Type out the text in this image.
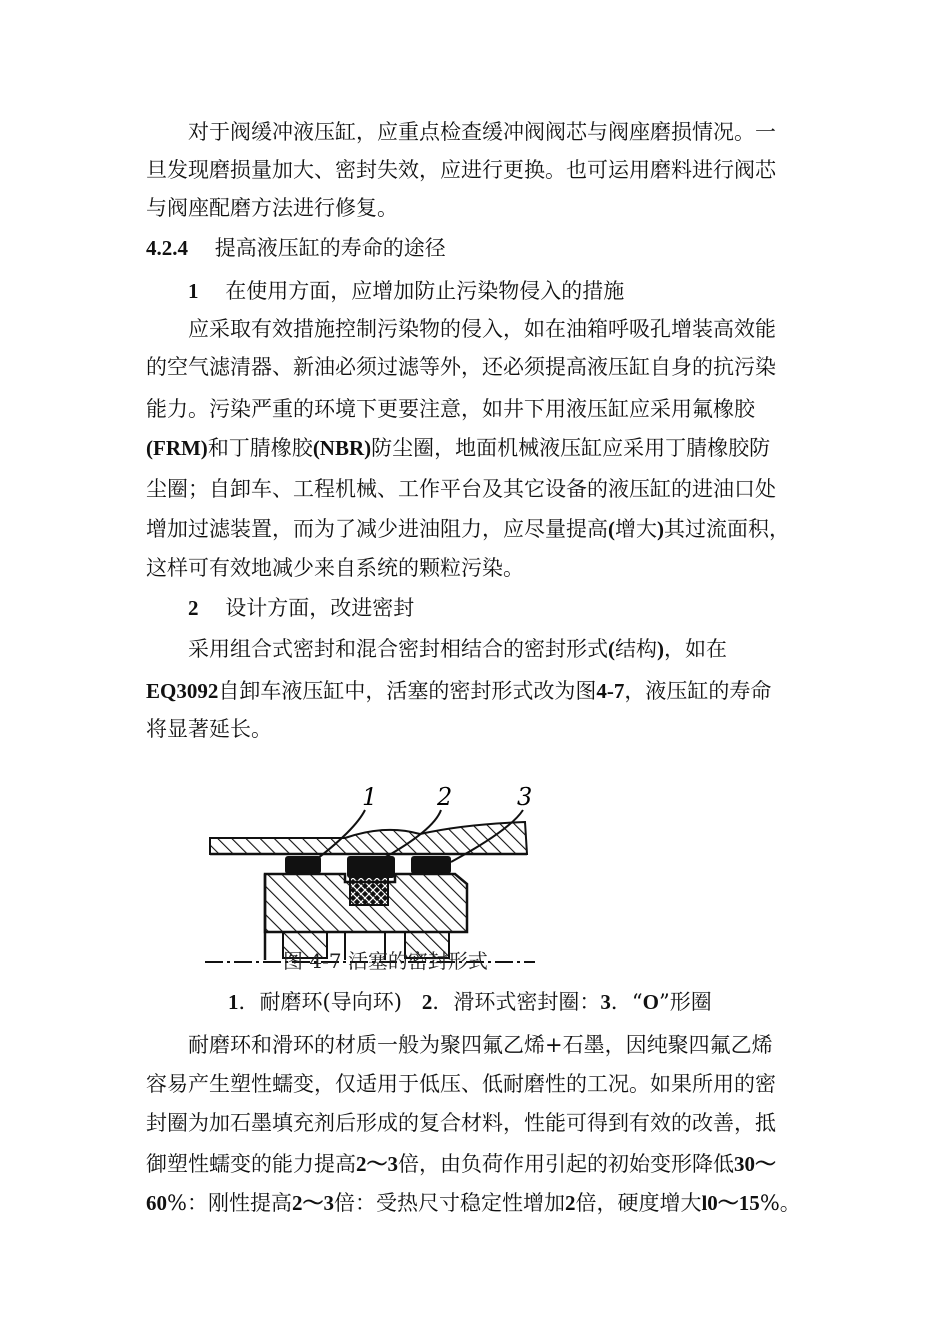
对于阀缓冲液压缸，应重点检查缓冲阀阀芯与阀座磨损情况。一
旦发现磨损量加大、密封失效，应进行更换。也可运用磨料进行阀芯
与阀座配磨方法进行修复。
4.2.4 提高液压缸的寿命的途径
1 在使用方面，应增加防止污染物侵入的措施
应采取有效措施控制污染物的侵入，如在油箱呼吸孔增装高效能
的空气滤清器、新油必须过滤等外，还必须提高液压缸自身的抗污染
能力。污染严重的环境下更要注意，如井下用液压缸应采用氟橡胶
(FRM)和丁腈橡胶(NBR)防尘圈，地面机械液压缸应采用丁腈橡胶防
尘圈；自卸车、工程机械、工作平台及其它设备的液压缸的进油口处
增加过滤装置，而为了减少进油阻力，应尽量提高(增大)其过流面积，
这样可有效地减少来自系统的颗粒污染。
2 设计方面，改进密封
采用组合式密封和混合密封相结合的密封形式(结构)，如在
EQ3092自卸车液压缸中，活塞的密封形式改为图4-7，液压缸的寿命
将显著延长。
1 2	3
图 4-7 活塞的密封形式
1．耐磨环(导向环) 2．滑环式密封圈：3．“O”形圈
耐磨环和滑环的材质一般为聚四氟乙烯+石墨，因纯聚四氟乙烯
容易产生塑性蠕变，仅适用于低压、低耐磨性的工况。如果所用的密
封圈为加石墨填充剂后形成的复合材料，性能可得到有效的改善，抵
御塑性蠕变的能力提高2～3倍，由负荷作用引起的初始变形降低30～
60%：刚性提高2～3倍：受热尺寸稳定性增加2倍，硬度增大l0～15%。
